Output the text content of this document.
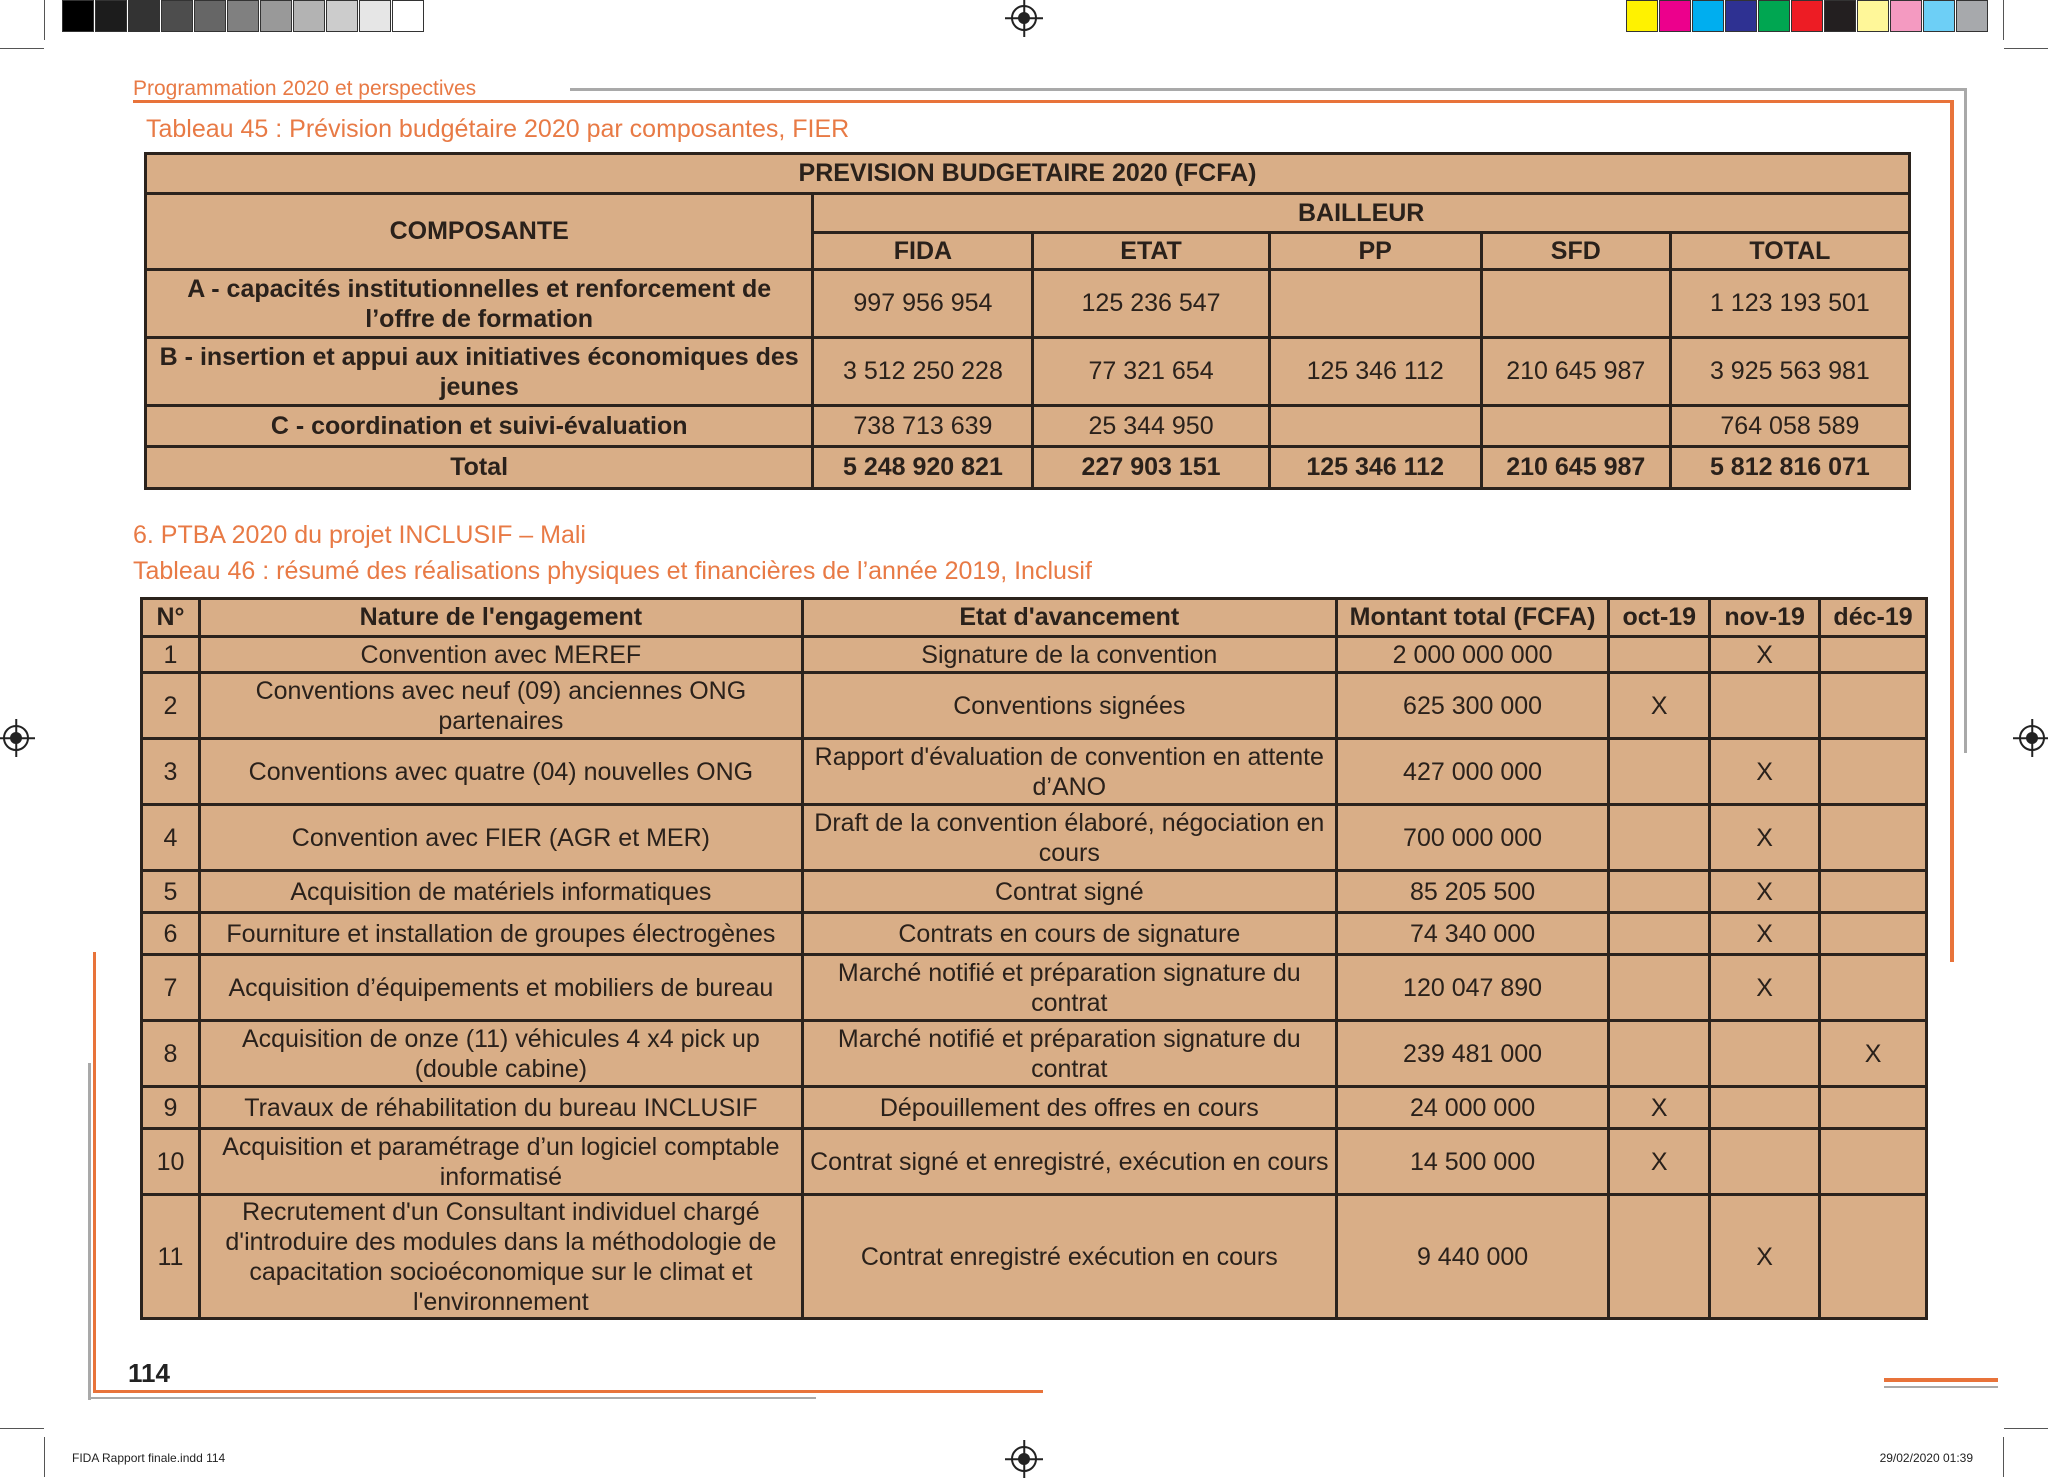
Programmation 2020 et perspectives
Tableau 45 : Prévision budgétaire 2020 par composantes, FIER
PREVISION BUDGETAIRE 2020 (FCFA)					
COMPOSANTE	BAILLEUR				
	FIDA	ETAT	PP	SFD	TOTAL
A - capacités institutionnelles et renforcement de l’offre de formation	997 956 954	125 236 547			1 123 193 501
B - insertion et appui aux initiatives économiques des jeunes	3 512 250 228	77 321 654	125 346 112	210 645 987	3 925 563 981
C - coordination et suivi-évaluation	738 713 639	25 344 950			764 058 589
Total	5 248 920 821	227 903 151	125 346 112	210 645 987	5 812 816 071
6. PTBA 2020 du projet INCLUSIF – Mali
Tableau 46 : résumé des réalisations physiques et financières de l’année 2019, Inclusif
N°	Nature de l'engagement	Etat d'avancement	Montant total (FCFA)	oct-19	nov-19	déc-19
1	Convention avec MEREF	Signature de la convention	2 000 000 000		X	
2	Conventions avec neuf (09) anciennes ONG partenaires	Conventions signées	625 300 000	X		
3	Conventions avec quatre (04) nouvelles ONG	Rapport d'évaluation de convention en attente d’ANO	427 000 000		X	
4	Convention avec FIER (AGR et MER)	Draft de la convention élaboré, négociation en cours	700 000 000		X	
5	Acquisition de matériels informatiques	Contrat signé	85 205 500		X	
6	Fourniture et installation de groupes électrogènes	Contrats en cours de signature	74 340 000		X	
7	Acquisition d’équipements et mobiliers de bureau	Marché notifié et préparation signature du contrat	120 047 890		X	
8	Acquisition de onze (11) véhicules 4 x4 pick up (double cabine)	Marché notifié et préparation signature du contrat	239 481 000			X
9	Travaux de réhabilitation du bureau INCLUSIF	Dépouillement des offres en cours	24 000 000	X		
10	Acquisition et paramétrage d’un logiciel comptable informatisé	Contrat signé et enregistré, exécution en cours	14 500 000	X		
11	Recrutement d'un Consultant individuel chargé d'introduire des modules dans la méthodologie de capacitation socioéconomique sur le climat et l'environnement	Contrat enregistré exécution en cours	9 440 000		X	
114
FIDA Rapport finale.indd 114	29/02/2020 01:39
